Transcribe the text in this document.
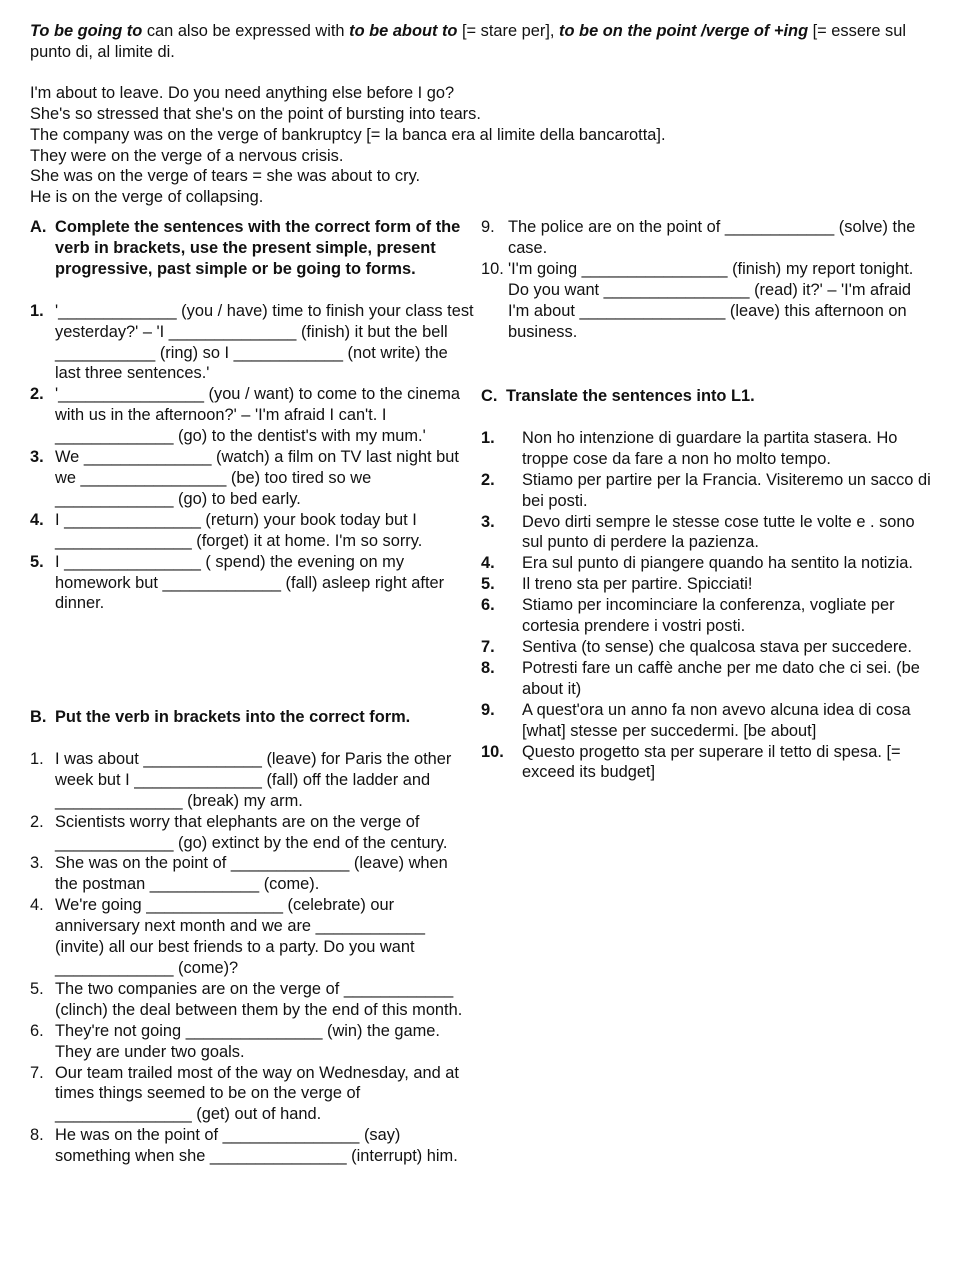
To be going to can also be expressed with to be about to [= stare per], to be on the point /verge of +ing [= essere sul punto di, al limite di.

I'm about to leave. Do you need anything else before I go?
She's so stressed that she's on the point of bursting into tears.
The company was on the verge of bankruptcy [= la banca era al limite della bancarotta].
They were on the verge of a nervous crisis.
She was on the verge of tears = she was about to cry.
He is on the verge of collapsing.
A. Complete the sentences with the correct form of the verb in brackets, use the present simple, present progressive, past simple or be going to forms.
1. '_____________ (you / have) time to finish your class test yesterday?' – 'I ______________ (finish) it but the bell ___________ (ring) so I ____________ (not write) the last three sentences.'
2. '________________ (you / want) to come to the cinema with us in the afternoon?' – 'I'm afraid I can't. I _____________ (go) to the dentist's with my mum.'
3. We ______________ (watch) a film on TV last night but we ________________ (be) too tired so we _____________ (go) to bed early.
4. I _______________ (return) your book today but I _______________ (forget) it at home. I'm so sorry.
5. I _______________ ( spend) the evening on my homework but _____________ (fall) asleep right after dinner.
B. Put the verb in brackets into the correct form.
1. I was about _____________ (leave) for Paris the other week but I ______________ (fall) off the ladder and ______________ (break) my arm.
2. Scientists worry that elephants are on the verge of _____________ (go) extinct by the end of the century.
3. She was on the point of _____________ (leave) when the postman ____________ (come).
4. We're going _______________ (celebrate) our anniversary next month and we are ____________ (invite) all our best friends to a party. Do you want _____________ (come)?
5. The two companies are on the verge of ____________ (clinch) the deal between them by the end of this month.
6. They're not going _______________ (win) the game. They are under two goals.
7. Our team trailed most of the way on Wednesday, and at times things seemed to be on the verge of _______________ (get) out of hand.
8. He was on the point of _______________ (say) something when she _______________ (interrupt) him.
9. The police are on the point of ____________ (solve) the case.
10. 'I'm going ________________ (finish) my report tonight. Do you want ________________ (read) it?' – 'I'm afraid I'm about ________________ (leave) this afternoon on business.
C. Translate the sentences into L1.
1.	Non ho intenzione di guardare la partita stasera. Ho troppe cose da fare a non ho molto tempo.
2.	Stiamo per partire per la Francia. Visiteremo un sacco di bei posti.
3.	Devo dirti sempre le stesse cose tutte le volte e . sono sul punto di perdere la pazienza.
4.	Era sul punto di piangere quando ha sentito la notizia.
5.	Il treno sta per partire. Spicciati!
6.	Stiamo per incominciare la conferenza, vogliate per cortesia prendere i vostri posti.
7.	Sentiva (to sense) che qualcosa stava per succedere.
8.	Potresti fare un caffè anche per me dato che ci sei. (be about it)
9.	A quest'ora un anno fa non avevo alcuna idea di cosa [what] stesse per succedermi. [be about]
10.	Questo progetto sta per superare il tetto di spesa. [= exceed its budget]
